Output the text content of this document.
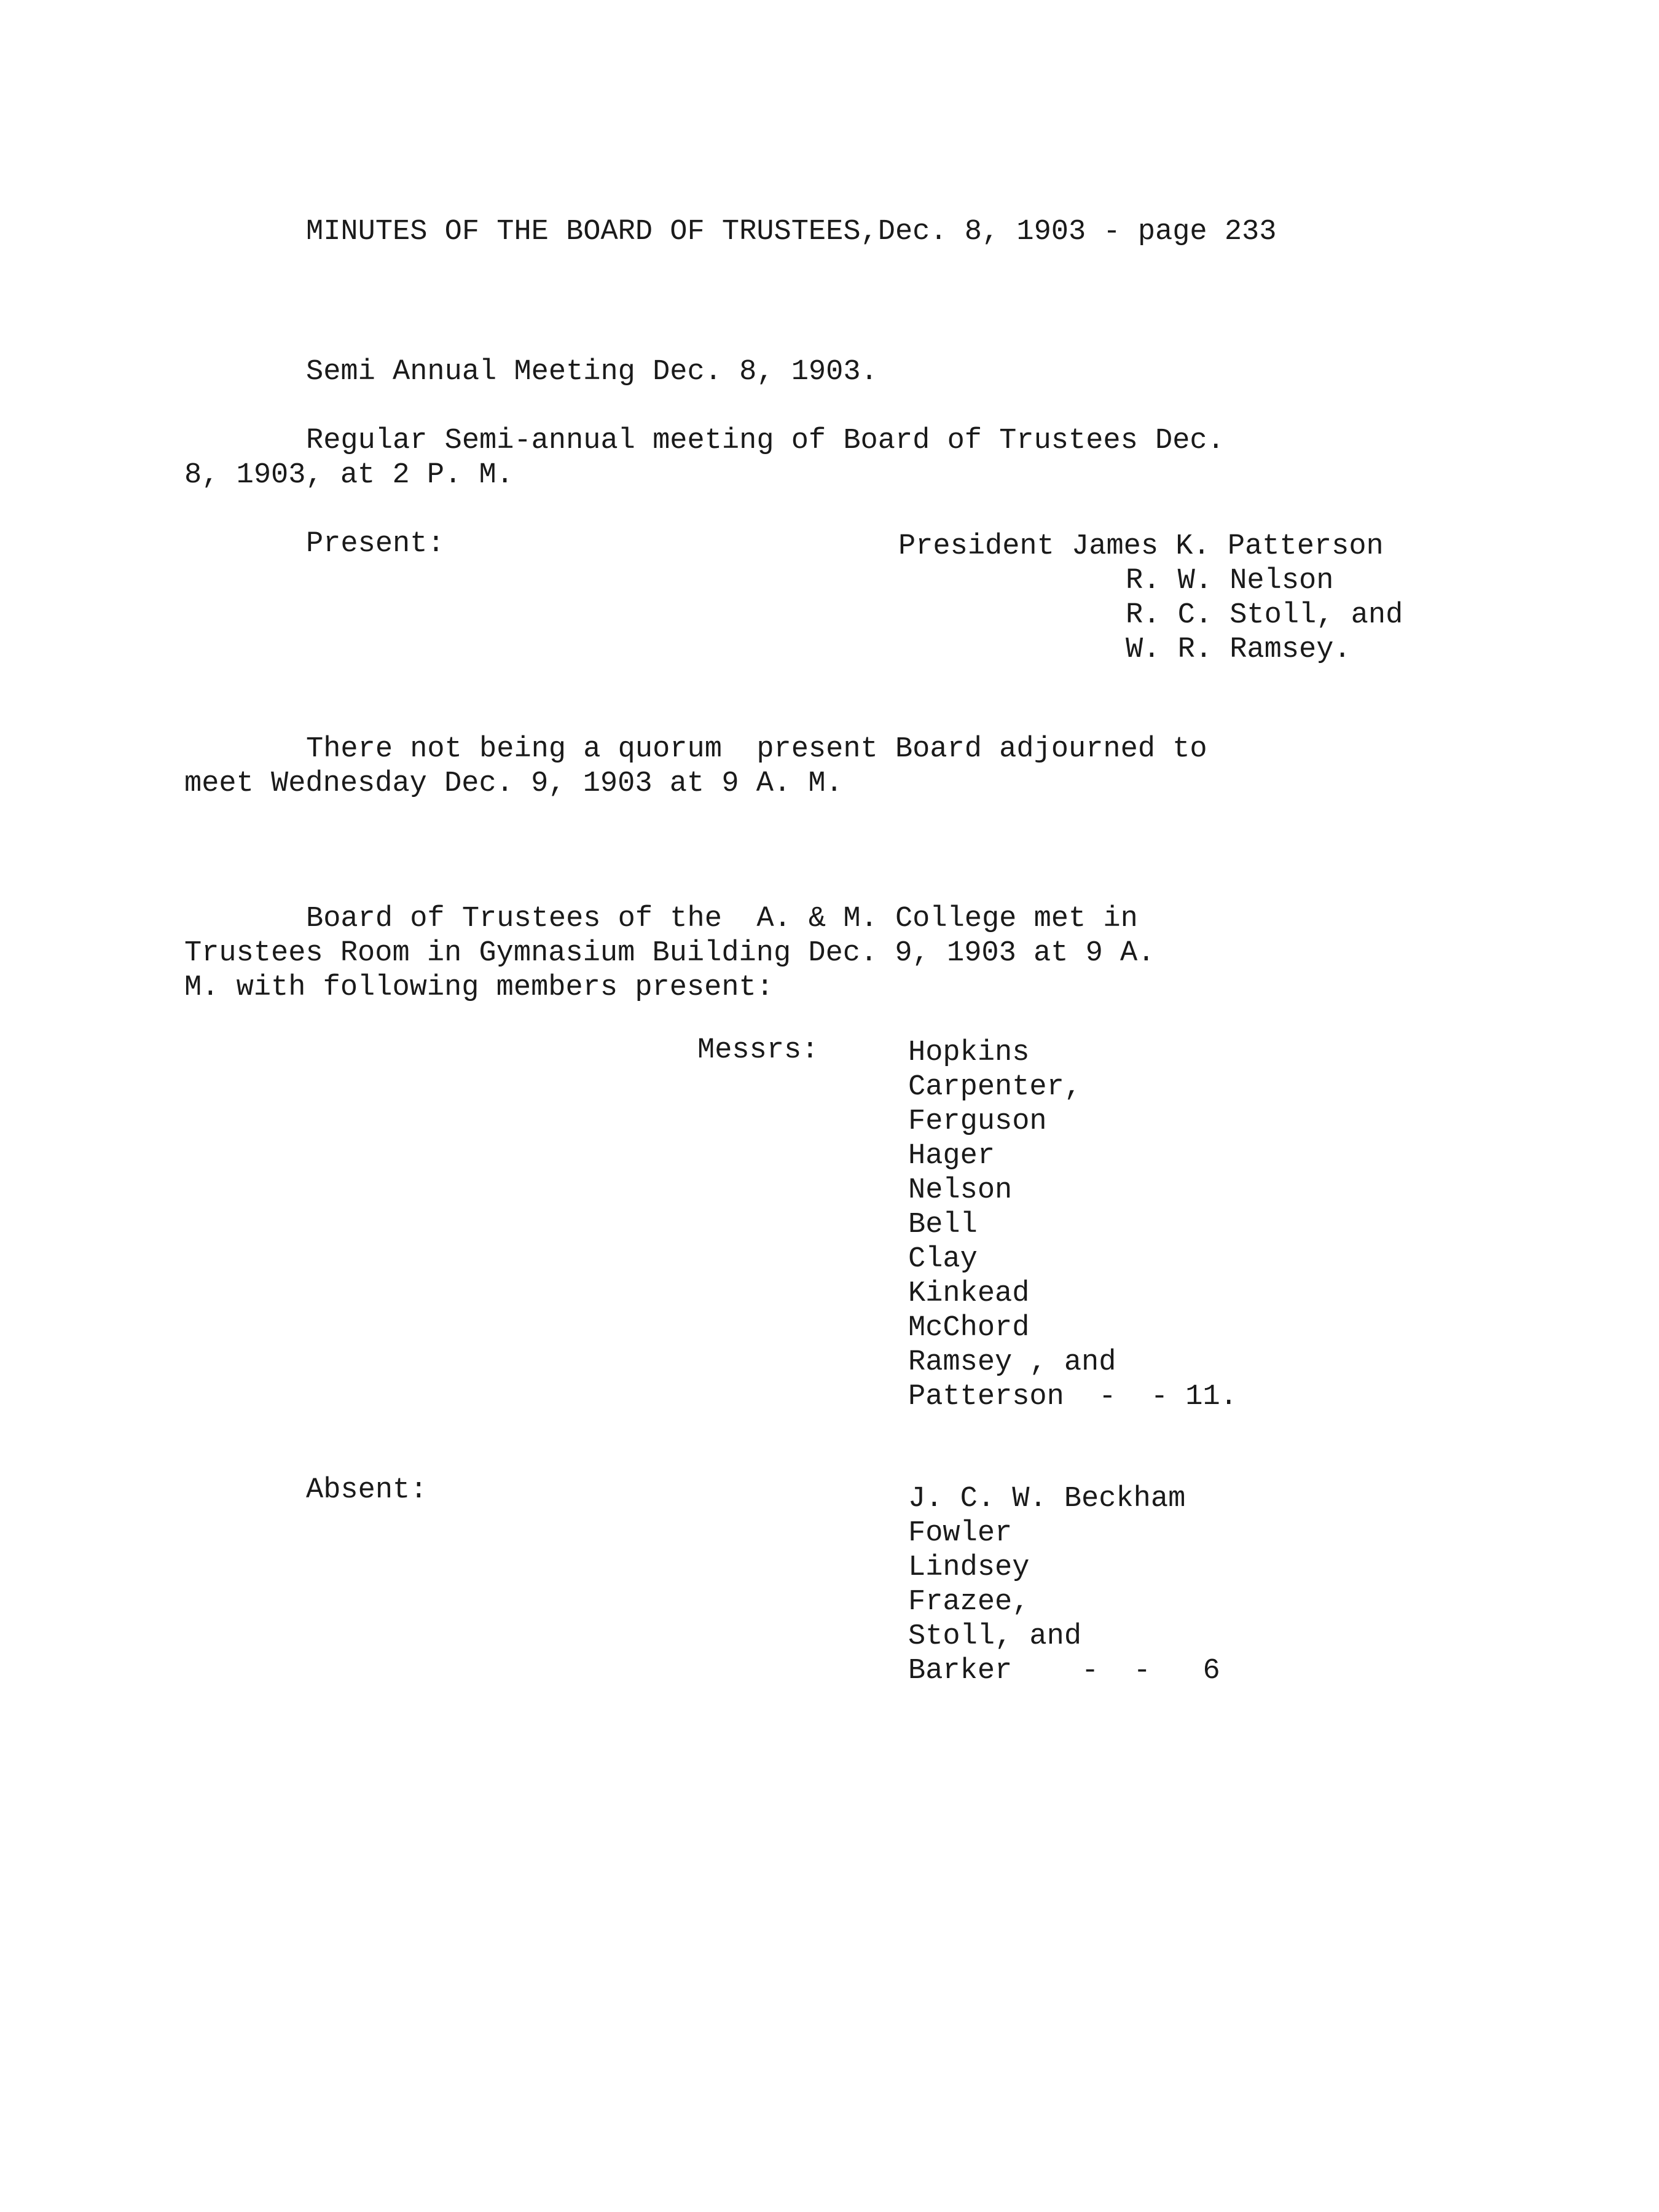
MINUTES OF THE BOARD OF TRUSTEES,Dec. 8, 1903 - page 233
Semi Annual Meeting Dec. 8, 1903.
Regular Semi-annual meeting of Board of Trustees Dec.
8, 1903, at 2 P. M.
Present:	President James K. Patterson
R. W. Nelson
R. C. Stoll, and
W. R. Ramsey.
There not being a quorum  present Board adjourned to
meet Wednesday Dec. 9, 1903 at 9 A. M.
Board of Trustees of the  A. & M. College met in
Trustees Room in Gymnasium Building Dec. 9, 1903 at 9 A.
M. with following members present:
Messrs:	Hopkins
Carpenter,
Ferguson
Hager
Nelson
Bell
Clay
Kinkead
McChord
Ramsey , and
Patterson  -  - 11.
Absent:	J. C. W. Beckham
Fowler
Lindsey
Frazee,
Stoll, and
Barker    -  -   6
